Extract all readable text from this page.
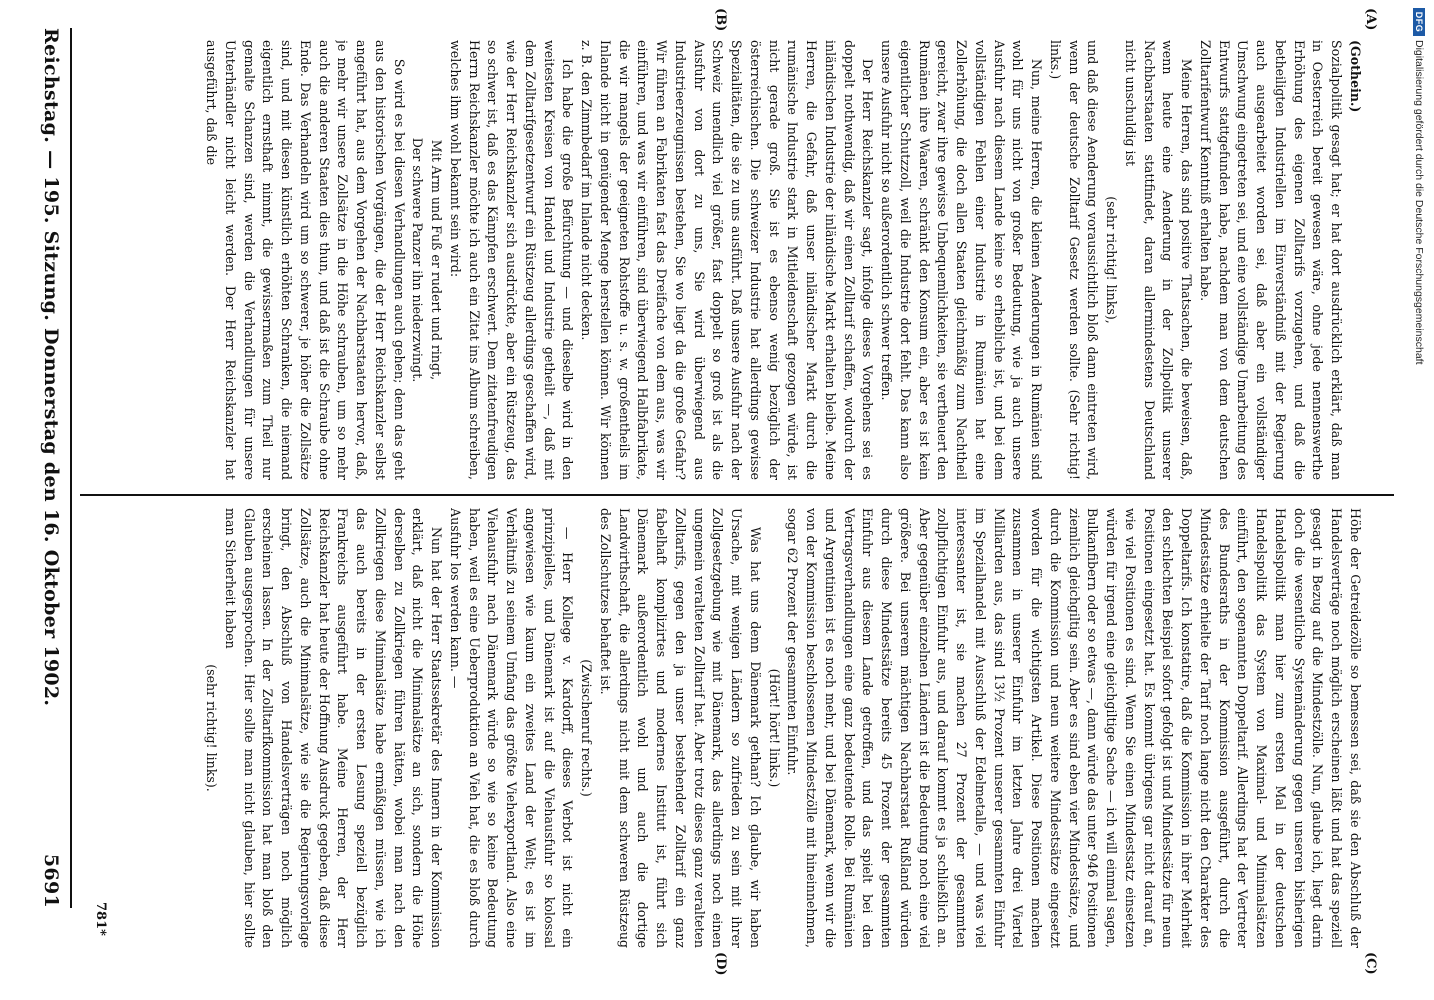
Reichstag. — 195. Sitzung. Donnerstag den 16. Oktober 1902.
5691
(A)
(B)
(C)
(D)

(Gothein.)

Sozialpolitik gesagt hat; er hat dort ausdrücklich erklärt, daß man in Oesterreich bereit gewesen wäre, ohne jede nennenswerthe Erhöhung des eigenen Zolltarifs vorzugehen, und daß die betheiligten Industriellen im Einverständniß mit der Regierung auch ausgearbeitet worden sei, daß aber ein vollständiger Umschwung eingetreten sei, und eine vollständige Umarbeitung des Entwurfs stattgefunden habe, nachdem man von dem deutschen Zolltarifentwurf Kenntniß erhalten habe.

Meine Herren, das sind positive Thatsachen, die beweisen, daß, wenn heute eine Aenderung in der Zollpolitik unserer Nachbarstaaten stattfindet, daran allermindestens Deutschland nicht unschuldig ist

(sehr richtig! links),

und daß diese Aenderung voraussichtlich bloß dann eintreten wird, wenn der deutsche Zolltarif Gesetz werden sollte. (Sehr richtig! links.)

Nun, meine Herren, die kleinen Aenderungen in Rumänien sind wohl für uns nicht von großer Bedeutung, wie ja auch unsere Ausfuhr nach diesem Lande keine so erhebliche ist, und bei dem vollständigen Fehlen einer Industrie in Rumänien hat eine Zollerhöhung, die doch allen Staaten gleichmäßig zum Nachtheil gereicht, zwar ihre gewisse Unbequemlichkeiten, sie vertheuert den Rumänen ihre Waaren, schränkt den Konsum ein, aber es ist kein eigentlicher Schutzzoll, weil die Industrie dort fehlt. Das kann also unsere Ausfuhr nicht so außerordentlich schwer treffen.

Der Herr Reichskanzler sagt, infolge dieses Vorgehens sei es doppelt nothwendig, daß wir einen Zolltarif schaffen, wodurch der inländischen Industrie der inländische Markt erhalten bleibe. Meine Herren, die Gefahr, daß unser inländischer Markt durch die rumänische Industrie stark in Mitleidenschaft gezogen würde, ist nicht gerade groß. Sie ist es ebenso wenig bezüglich der österreichischen. Die schweizer Industrie hat allerdings gewisse Spezialitäten, die sie zu uns ausführt. Daß unsere Ausfuhr nach der Schweiz unendlich viel größer, fast doppelt so groß ist als die Ausfuhr von dort zu uns, Sie wird überwiegend aus Industrieerzeugnissen bestehen, Sie wo liegt da die große Gefahr? Wir führen an Fabrikaten fast das Dreifache von dem aus, was wir einführen, und was wir einführen, sind überwiegend Halbfabrikate, die wir mangels der geeigneten Rohstoffe u. s. w. großentheils im Inlande nicht in genügender Menge herstellen können. Wir können z. B. den Zimmbedarf im Inlande nicht decken.

Ich habe die große Befürchtung — und dieselbe wird in den weitesten Kreisen von Handel und Industrie getheilt —, daß mit dem Zolltarifgesetzentwurf ein Rüstzeug allerdings geschaffen wird, wie der Herr Reichskanzler sich ausdrückte, aber ein Rüstzeug, das so schwer ist, daß es das Kämpfen erschwert. Dem zitatenfreudigen Herrn Reichskanzler möchte ich auch ein Zitat ins Album schreiben, welches ihm wohl bekannt sein wird:

Mit Arm und Fuß er rudert und ringt,

Der schwere Panzer ihn niederzwingt.

So wird es bei diesen Verhandlungen auch gehen; denn das geht aus den historischen Vorgängen, die der Herr Reichskanzler selbst angeführt hat, aus dem Vorgehen der Nachbarstaaten hervor, daß, je mehr wir unsere Zollsätze in die Höhe schrauben, um so mehr auch die anderen Staaten dies thun, und daß ist die Schraube ohne Ende. Das Verhandeln wird um so schwerer, je höher die Zollsätze sind, und mit diesen künstlich erhöhten Schranken, die niemand eigentlich ernsthaft nimmt, die gewissermaßen zum Theil nur gemalte Schanzen sind, werden die Verhandlungen für unsere Unterhändler nicht leicht werden. Der Herr Reichskanzler hat ausgeführt, daß die

Höhe der Getreidezölle so bemessen sei, daß sie den Abschluß der Handelsverträge noch möglich erscheinen läßt und hat das speziell gesagt in Bezug auf die Mindestzölle. Nun, glaube ich, liegt darin doch die wesentliche Systemänderung gegen unseren bisherigen Handelspolitik man hier zum ersten Mal in der deutschen Handelspolitik das System von Maximal- und Minimalsätzen einführt, den sogenannten Doppeltarif. Allerdings hat der Vertreter des Bundesraths in der Kommission ausgeführt, durch die Mindestsätze erhielte der Tarif noch lange nicht den Charakter des Doppeltarifs. Ich konstatire, daß die Kommission in ihrer Mehrheit den schlechten Beispiel sofort gefolgt ist und Mindestsätze für neun Positionen eingesetzt hat. Es kommt übrigens gar nicht darauf an, wie viel Positionen es sind. Wenn Sie einen Mindestsatz einsetzen würden für irgend eine gleichgiltige Sache — ich will einmal sagen, Bulkanfibern oder so etwas —, dann würde das unter 946 Positionen ziemlich gleichgiltig sein. Aber es sind eben vier Mindestsätze, und durch die Kommission und neun weitere Mindestsätze eingesetzt worden für die wichtigsten Artikel. Diese Positionen machen zusammen in unserer Einfuhr im letzten Jahre drei Viertel Milliarden aus, das sind 13½ Prozent unserer gesammten Einfuhr im Spezialhandel mit Ausschluß der Edelmetalle, — und was viel interessanter ist, sie machen 27 Prozent der gesammten zollpflichtigen Einfuhr aus, und darauf kommt es ja schließlich an. Aber gegenüber einzelnen Ländern ist die Bedeutung noch eine viel größere. Bei unserem mächtigen Nachbarstaat Rußland würden durch diese Mindestsätze bereits 45 Prozent der gesammten Einfuhr aus diesem Lande getroffen, und das spielt bei den Vertragsverhandlungen eine ganz bedeutende Rolle. Bei Rumänien und Argentinien ist es noch mehr, und bei Dänemark, wenn wir die von der Kommission beschlossenen Mindestzölle mit hineinnehmen, sogar 62 Prozent der gesammten Einfuhr.

(Hört! hört! links.)

Was hat uns denn Dänemark gethan? Ich glaube, wir haben Ursache, mit wenigen Ländern so zufrieden zu sein mit ihrer Zollgesetzgebung wie mit Dänemark, das allerdings noch einen ungemein veralteten Zolltarif hat. Aber trotz dieses ganz veralteten Zolltarifs, gegen den ja unser bestehender Zolltarif ein ganz fabelhaft komplizirtes und modernes Institut ist, führt sich Dänemark außerordentlich wohl und auch die dortige Landwirthschaft, die allerdings nicht mit dem schweren Rüstzeug des Zollschutzes behaftet ist.

(Zwischenruf rechts.)

— Herr Kollege v. Kardorff, dieses Verbot ist nicht ein prinzipielles, und Dänemark ist auf die Viehausfuhr so kolossal angewiesen wie kaum ein zweites Land der Welt; es ist im Verhältniß zu seinem Umfang das größte Viehexportland. Also eine Viehausfuhr nach Dänemark würde so wie so keine Bedeutung haben, weil es eine Ueberproduktion an Vieh hat, die es bloß durch Ausfuhr los werden kann. —

Nun hat der Herr Staatssekretär des Innern in der Kommission erklärt, daß nicht die Minimalsätze an sich, sondern die Höhe derselben zu Zollkriegen führen hätten, wobei man nach den Zollkriegen diese Minimalsätze habe ermäßigen müssen, wie ich das auch bereits in der ersten Lesung speziell bezüglich Frankreichs ausgeführt habe. Meine Herren, der Herr Reichskanzler hat heute der Hoffnung Ausdruck gegeben, daß diese Zollsätze, auch die Minimalsätze, wie sie die Regierungsvorlage bringt, den Abschluß von Handelsverträgen noch möglich erscheinen lassen. In der Zolltarifkommission hat man bloß den Glauben ausgesprochen. Hier sollte man nicht glauben, hier sollte man Sicherheit haben

(sehr richtig! links).

781*
DFG
Digitalisierung gefördert durch die Deutsche Forschungsgemeinschaft
